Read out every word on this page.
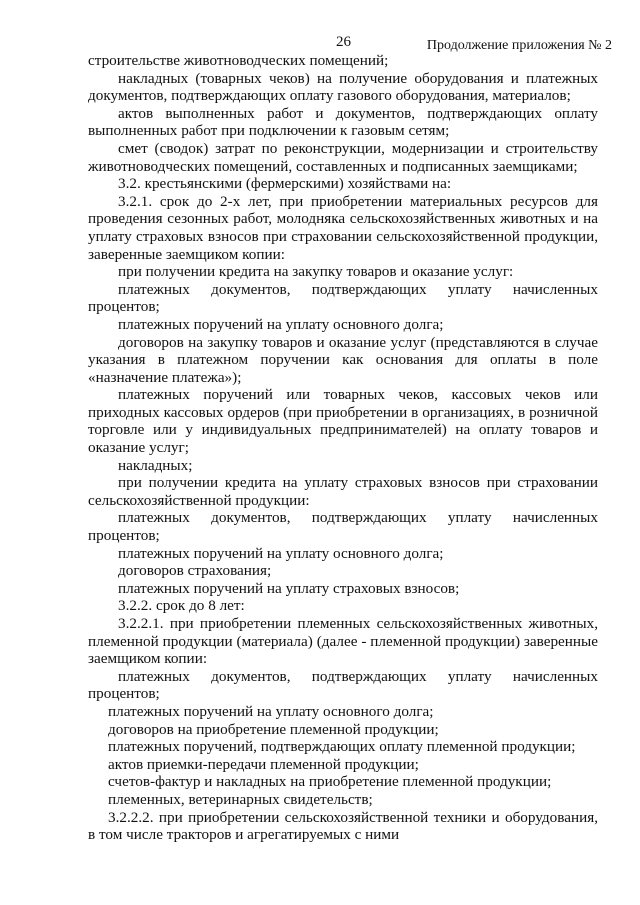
26	Продолжение приложения № 2

строительстве животноводческих помещений;

накладных (товарных чеков) на получение оборудования и платежных документов, подтверждающих оплату газового оборудования, материалов;

актов выполненных работ и документов, подтверждающих оплату выполненных работ при подключении к газовым сетям;

смет (сводок) затрат по реконструкции, модернизации и строительству животноводческих помещений, составленных и подписанных заемщиками;

3.2. крестьянскими (фермерскими) хозяйствами на:

3.2.1. срок до 2-х лет, при приобретении материальных ресурсов для проведения сезонных работ, молодняка сельскохозяйственных животных и на уплату страховых взносов при страховании сельскохозяйственной продукции, заверенные заемщиком копии:

при получении кредита на закупку товаров и оказание услуг:

платежных документов, подтверждающих уплату начисленных процентов;

платежных поручений на уплату основного долга;

договоров на закупку товаров и оказание услуг (представляются в случае указания в платежном поручении как основания для оплаты в поле «назначение платежа»);

платежных поручений или товарных чеков, кассовых чеков или приходных кассовых ордеров (при приобретении в организациях, в розничной торговле или у индивидуальных предпринимателей) на оплату товаров и оказание услуг;

накладных;

при получении кредита на уплату страховых взносов при страховании сельскохозяйственной продукции:

платежных документов, подтверждающих уплату начисленных процентов;

платежных поручений на уплату основного долга;

договоров страхования;

платежных поручений на уплату страховых взносов;

3.2.2. срок до 8 лет:

3.2.2.1. при приобретении племенных сельскохозяйственных животных, племенной продукции (материала) (далее - племенной продукции) заверенные заемщиком копии:

платежных документов, подтверждающих уплату начисленных процентов;

платежных поручений на уплату основного долга;

договоров на приобретение племенной продукции;

платежных поручений, подтверждающих оплату племенной продукции;

актов приемки-передачи племенной продукции;

счетов-фактур и накладных на приобретение племенной продукции;

племенных, ветеринарных свидетельств;

3.2.2.2. при приобретении сельскохозяйственной техники и оборудования, в том числе тракторов и агрегатируемых с ними
